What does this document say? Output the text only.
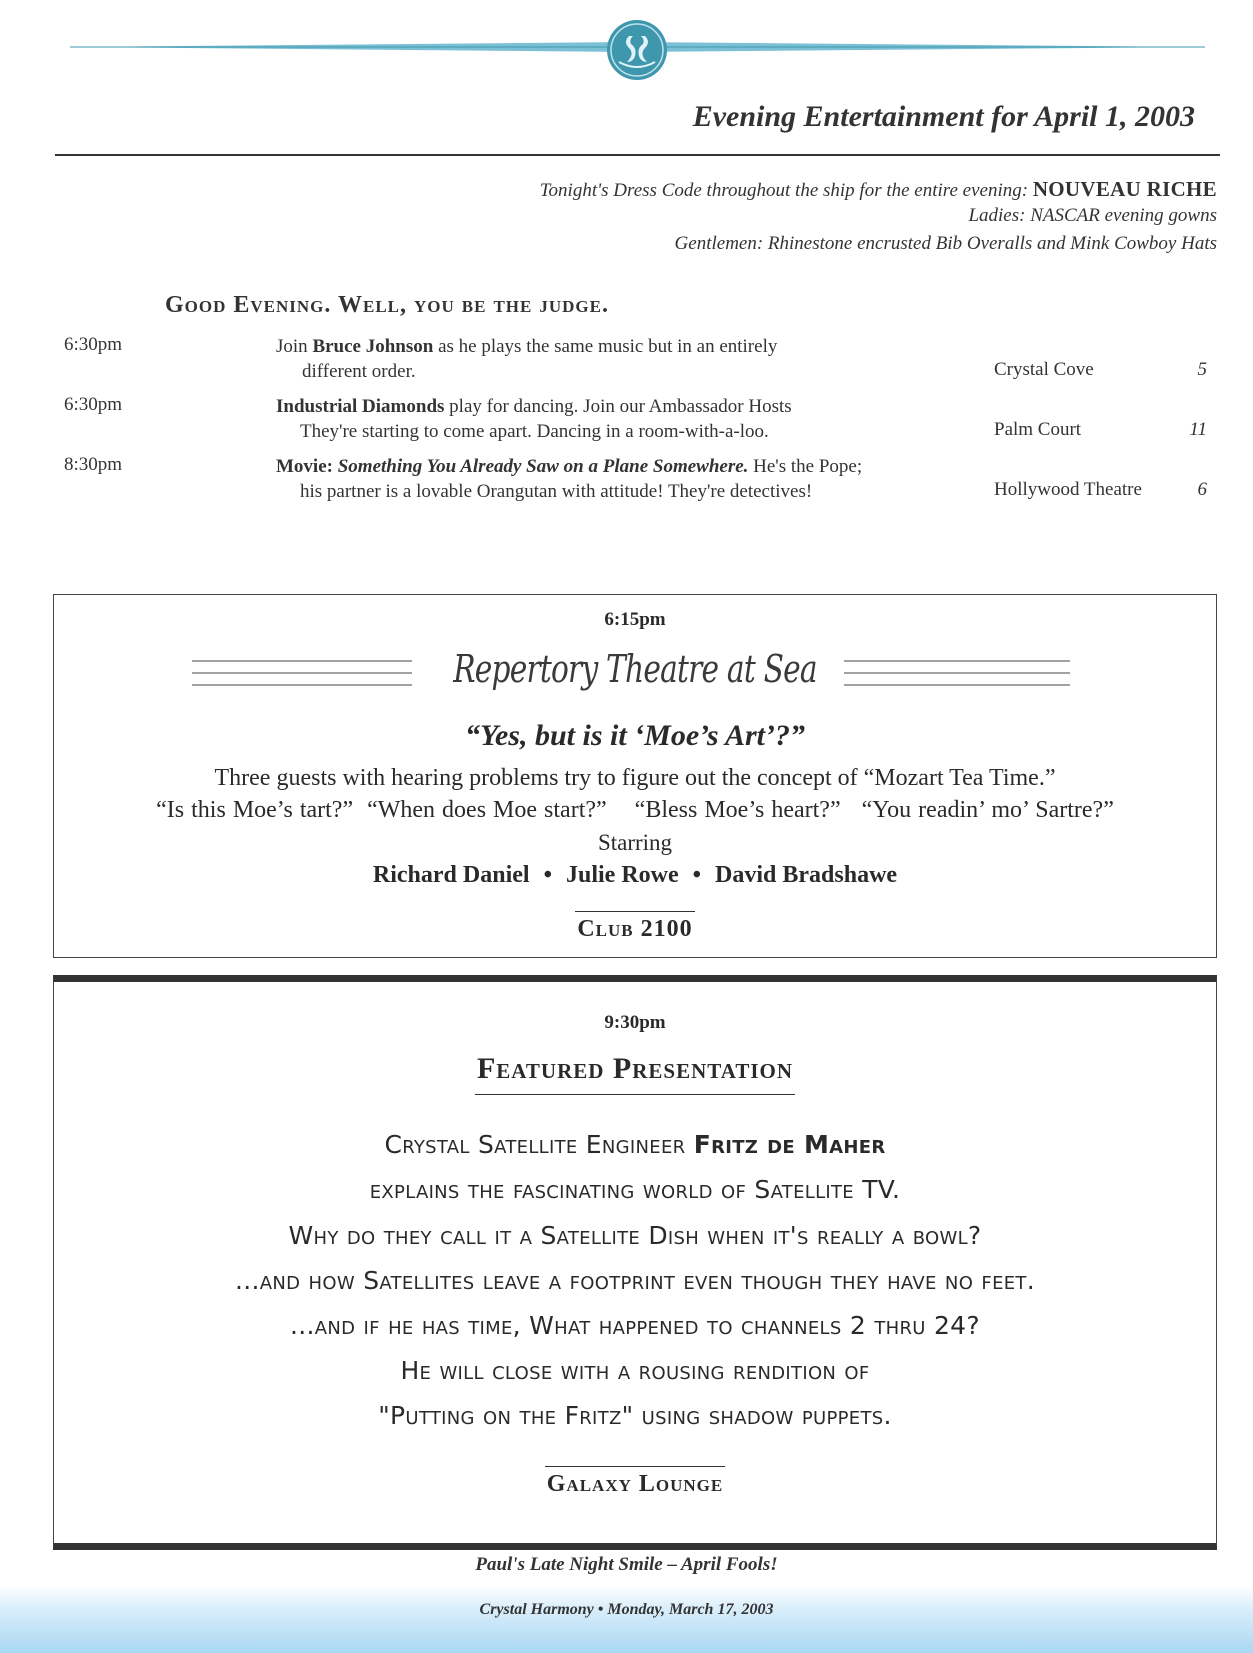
Evening Entertainment for April 1, 2003
Tonight's Dress Code throughout the ship for the entire evening: NOUVEAU RICHE
Ladies: NASCAR evening gowns
Gentlemen: Rhinestone encrusted Bib Overalls and Mink Cowboy Hats
Good Evening. Well, you be the judge.
6:30pm	Join Bruce Johnson as he plays the same music but in an entirely
different order.	Crystal Cove	5
6:30pm	Industrial Diamonds play for dancing. Join our Ambassador Hosts
They're starting to come apart. Dancing in a room-with-a-loo.	Palm Court	11
8:30pm	Movie: Something You Already Saw on a Plane Somewhere. He's the Pope;
his partner is a lovable Orangutan with attitude! They're detectives!	Hollywood Theatre	6
6:15pm
Repertory Theatre at Sea
“Yes, but is it ‘Moe’s Art’?”
Three guests with hearing problems try to figure out the concept of “Mozart Tea Time.”
“Is this Moe’s tart?”  “When does Moe start?”    “Bless Moe’s heart?”   “You readin’ mo’ Sartre?”
Starring
Richard Daniel • Julie Rowe • David Bradshawe
Club 2100
9:30pm
Featured Presentation
Crystal Satellite Engineer Fritz de Maher
explains the fascinating world of Satellite TV.
Why do they call it a Satellite Dish when it's really a bowl?
...and how Satellites leave a footprint even though they have no feet.
...and if he has time, What happened to channels 2 thru 24?
He will close with a rousing rendition of
"Putting on the Fritz" using shadow puppets.
Galaxy Lounge
Paul's Late Night Smile – April Fools!
Crystal Harmony • Monday, March 17, 2003
